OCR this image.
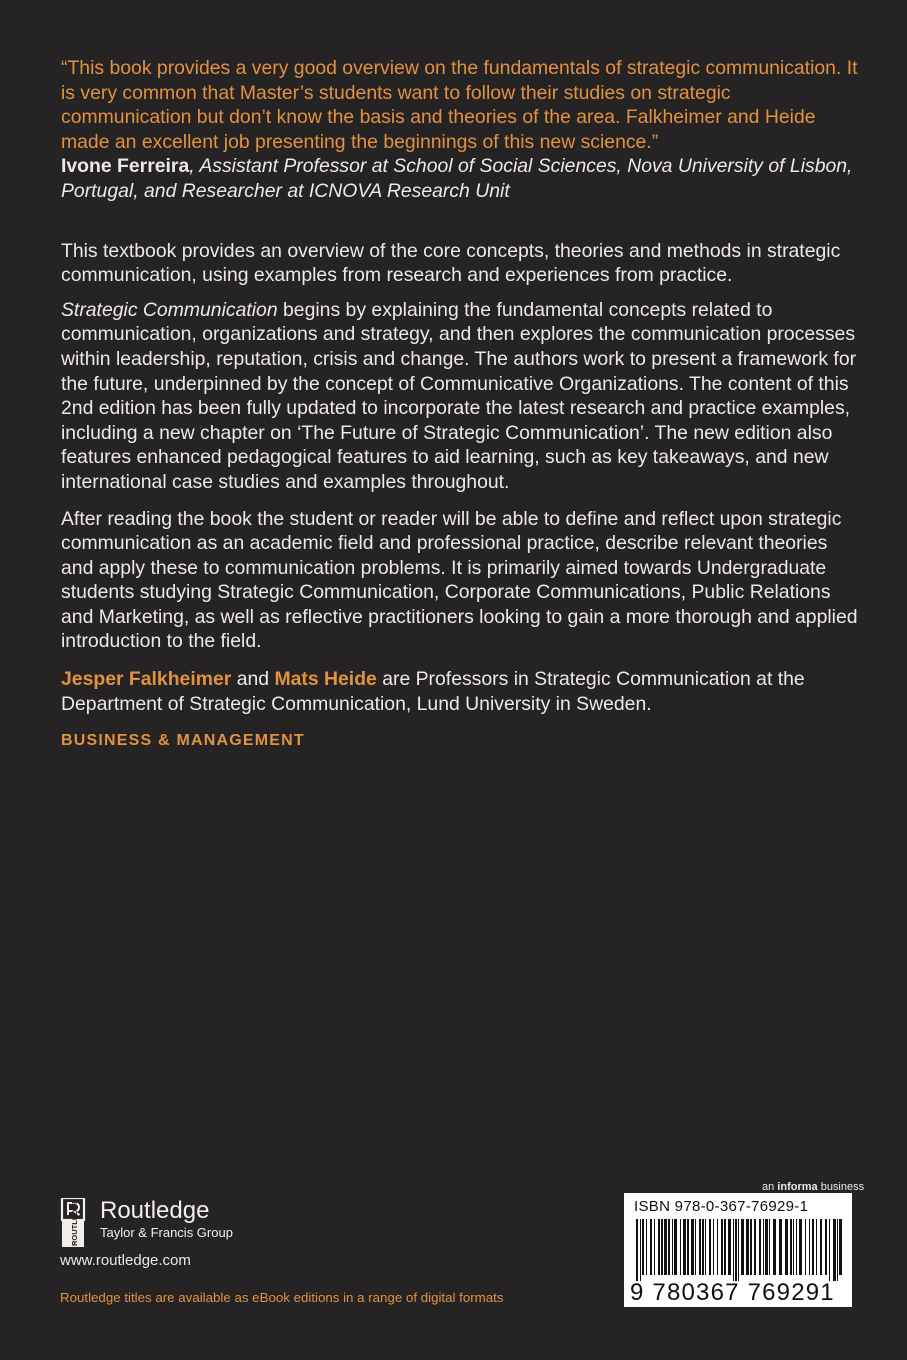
“This book provides a very good overview on the fundamentals of strategic communication. It is very common that Master’s students want to follow their studies on strategic communication but don’t know the basis and theories of the area. Falkheimer and Heide made an excellent job presenting the beginnings of this new science.”

Ivone Ferreira, Assistant Professor at School of Social Sciences, Nova University of Lisbon, Portugal, and Researcher at ICNOVA Research Unit

This textbook provides an overview of the core concepts, theories and methods in strategic communication, using examples from research and experiences from practice.

Strategic Communication begins by explaining the fundamental concepts related to communication, organizations and strategy, and then explores the communication processes within leadership, reputation, crisis and change. The authors work to present a framework for the future, underpinned by the concept of Communicative Organizations. The content of this 2nd edition has been fully updated to incorporate the latest research and practice examples, including a new chapter on ‘The Future of Strategic Communication’. The new edition also features enhanced pedagogical features to aid learning, such as key takeaways, and new international case studies and examples throughout.

After reading the book the student or reader will be able to define and reflect upon strategic communication as an academic field and professional practice, describe relevant theories and apply these to communication problems. It is primarily aimed towards Undergraduate students studying Strategic Communication, Corporate Communications, Public Relations and Marketing, as well as reflective practitioners looking to gain a more thorough and applied introduction to the field.

Jesper Falkheimer and Mats Heide are Professors in Strategic Communication at the Department of Strategic Communication, Lund University in Sweden.

BUSINESS & MANAGEMENT
ROUTLEDGE Routledge
Taylor & Francis Group
www.routledge.com
Routledge titles are available as eBook editions in a range of digital formats
an informa business
ISBN 978-0-367-76929-1
9 780367 769291
